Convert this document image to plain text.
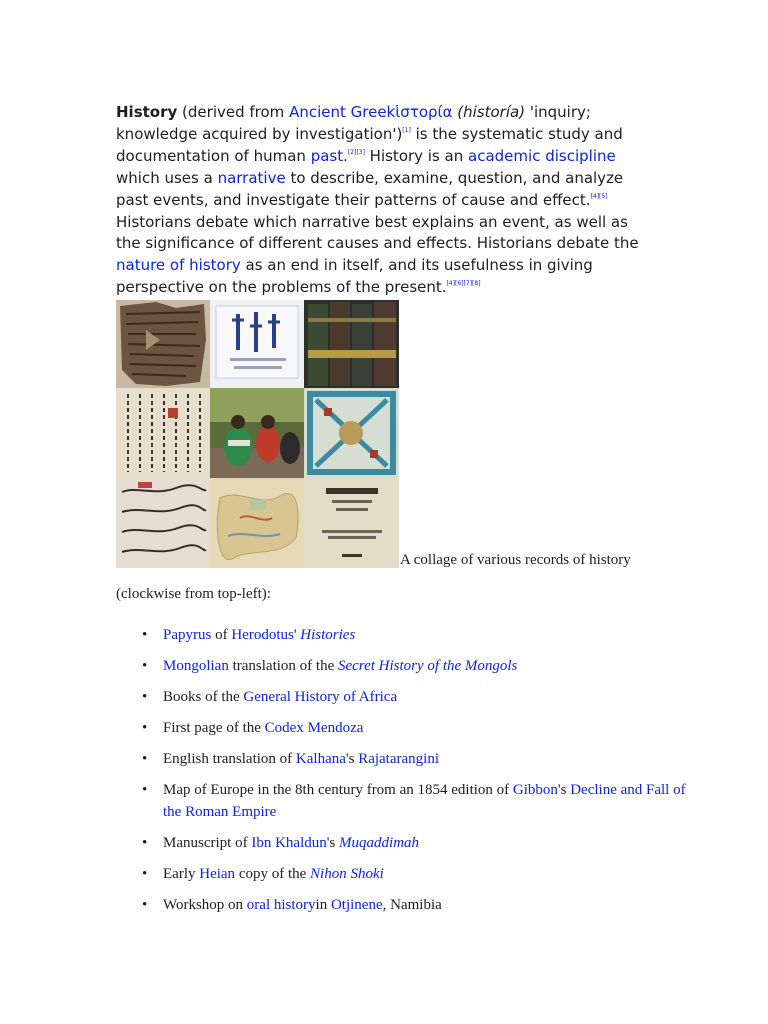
History (derived from Ancient Greekἱστορία (historía) 'inquiry; knowledge acquired by investigation')[1] is the systematic study and documentation of human past.[2][3] History is an academic discipline which uses a narrative to describe, examine, question, and analyze past events, and investigate their patterns of cause and effect.[4][5] Historians debate which narrative best explains an event, as well as the significance of different causes and effects. Historians debate the nature of history as an end in itself, and its usefulness in giving perspective on the problems of the present.[4][6][7][8]

A collage of various records of history
(clockwise from top-left):
• Papyrus of Herodotus' Histories
• Mongolian translation of the Secret History of the Mongols
• Books of the General History of Africa
• First page of the Codex Mendoza
• English translation of Kalhana's Rajatarangini
• Map of Europe in the 8th century from an 1854 edition of Gibbon's Decline and Fall of the Roman Empire
• Manuscript of Ibn Khaldun's Muqaddimah
• Early Heian copy of the Nihon Shoki
• Workshop on oral historyin Otjinene, Namibia
